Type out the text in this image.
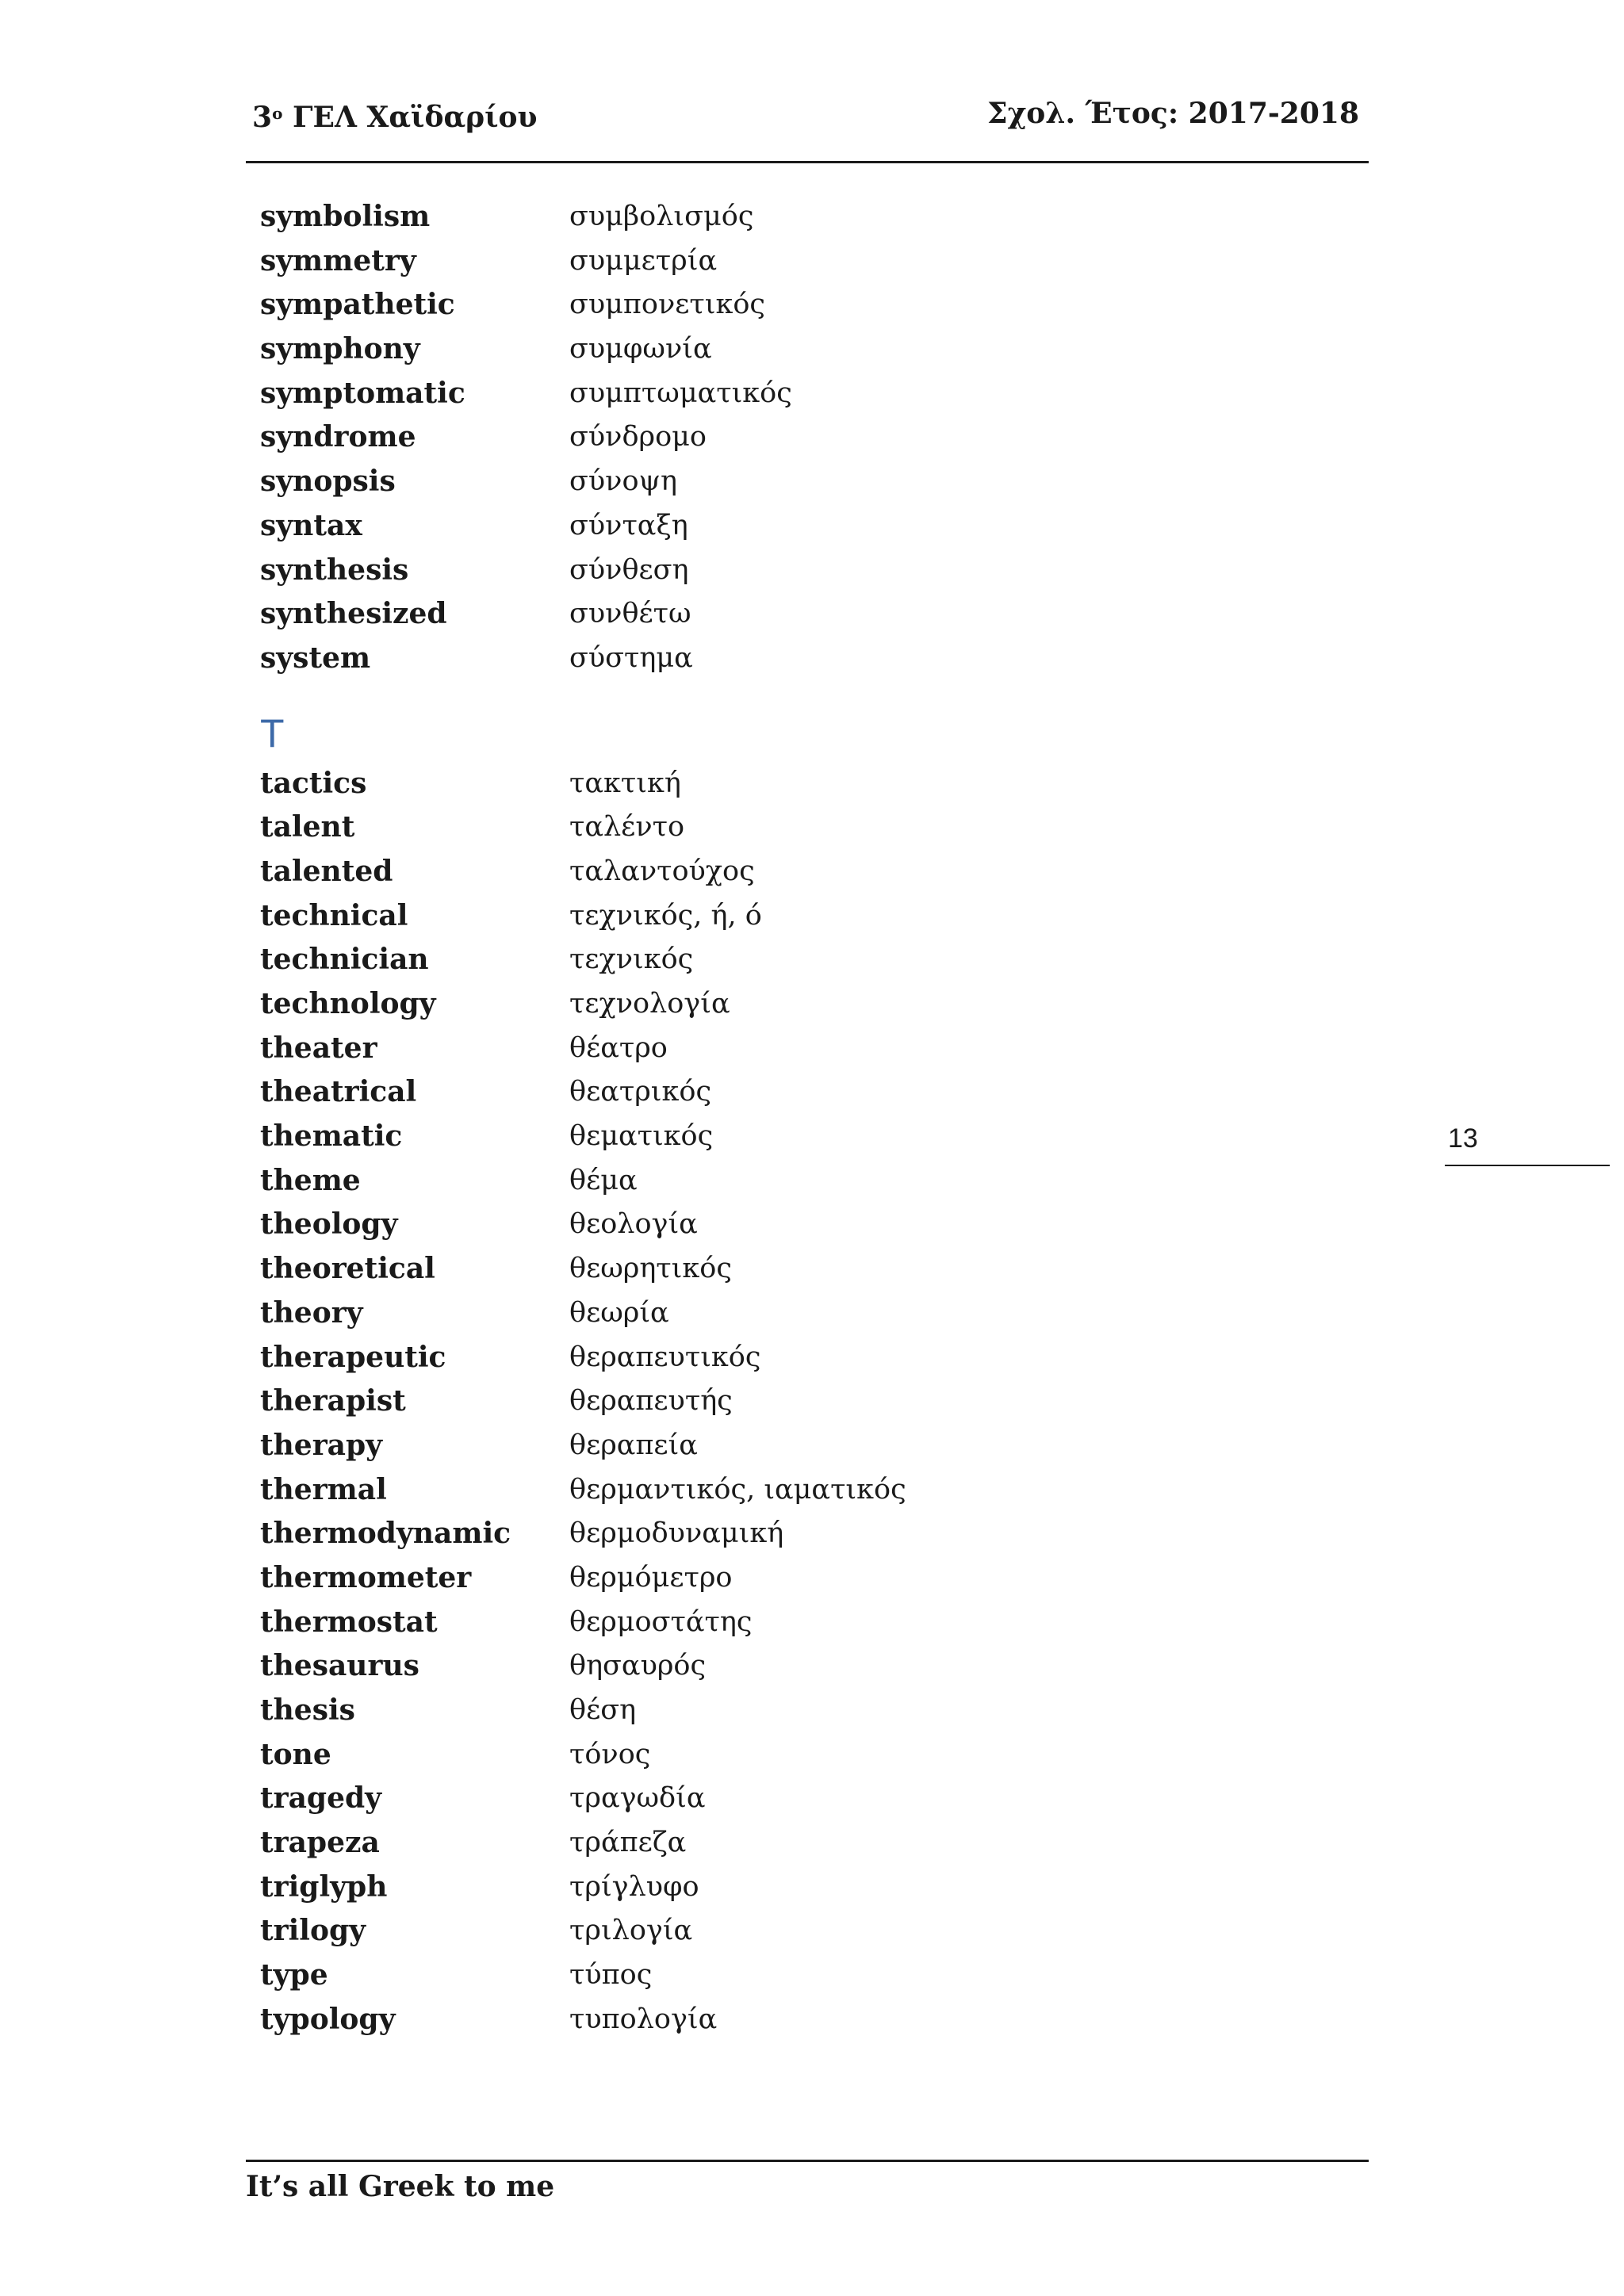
$3^o$ ΓΕΛ Χαϊδαρίου	Σχολ. Έτος: 2017-2018
symbolism	συμβολισμός
symmetry	συμμετρία
sympathetic	συμπονετικός
symphony	συμφωνία
symptomatic	συμπτωματικός
syndrome	σύνδρομο
synopsis	σύνοψη
syntax	σύνταξη
synthesis	σύνθεση
synthesized	συνθέτω
system	σύστημα
T
tactics	τακτική
talent	ταλέντο
talented	ταλαντούχος
technical	τεχνικός, ή, ό
technician	τεχνικός
technology	τεχνολογία
theater	θέατρο
theatrical	θεατρικός
thematic	θεματικός
theme	θέμα
theology	θεολογία
theoretical	θεωρητικός
theory	θεωρία
therapeutic	θεραπευτικός
therapist	θεραπευτής
therapy	θεραπεία
thermal	θερμαντικός, ιαματικός
thermodynamic θερμοδυναμική
thermometer	θερμόμετρο
thermostat	θερμοστάτης
thesaurus	θησαυρός
thesis	θέση
tone	τόνος
tragedy	τραγωδία
trapeza	τράπεζα
triglyph	τρίγλυφο
trilogy	τριλογία
type	τύπος
typology	τυπολογία
13
It’s all Greek to me
